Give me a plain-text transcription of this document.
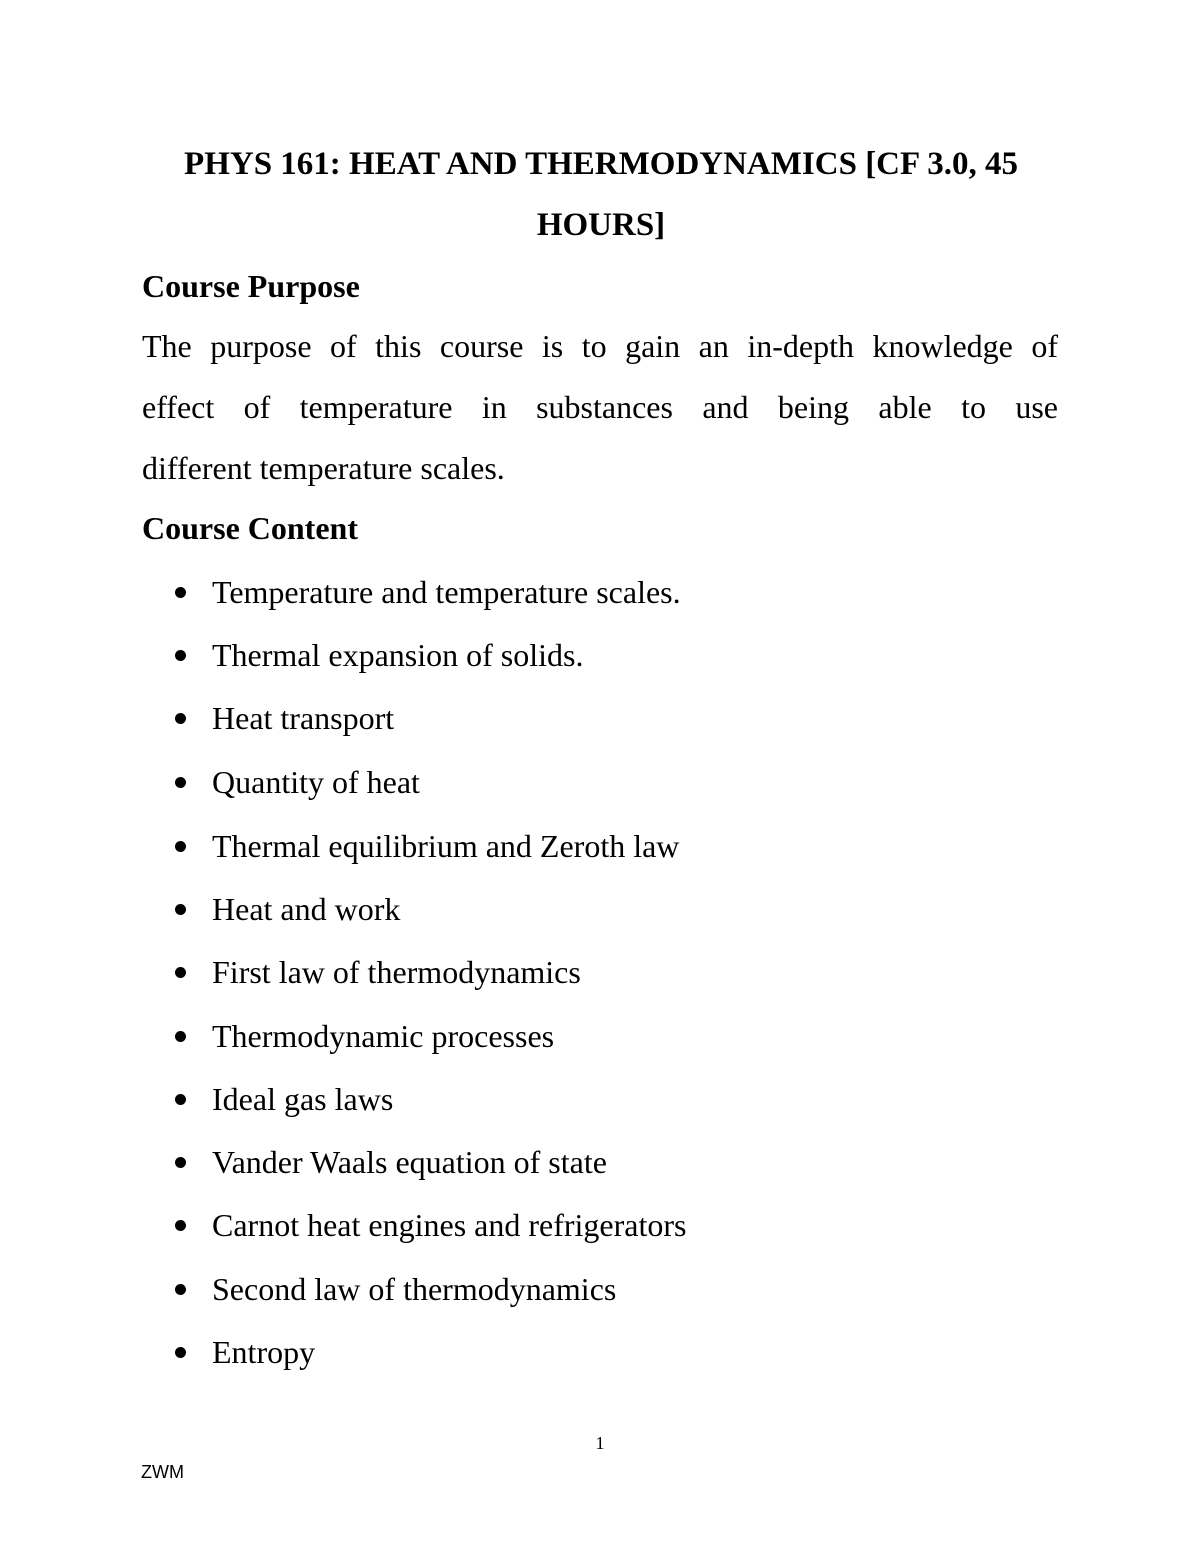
PHYS 161: HEAT AND THERMODYNAMICS [CF 3.0, 45
HOURS]
Course Purpose

The purpose of this course is to gain an in-depth knowledge of

effect of temperature in substances and being able to use

different temperature scales.

Course Content
Temperature and temperature scales.
Thermal expansion of solids.
Heat transport
Quantity of heat
Thermal equilibrium and Zeroth law
Heat and work
First law of thermodynamics
Thermodynamic processes
Ideal gas laws
Vander Waals equation of state
Carnot heat engines and refrigerators
Second law of thermodynamics
Entropy
1
ZWM
